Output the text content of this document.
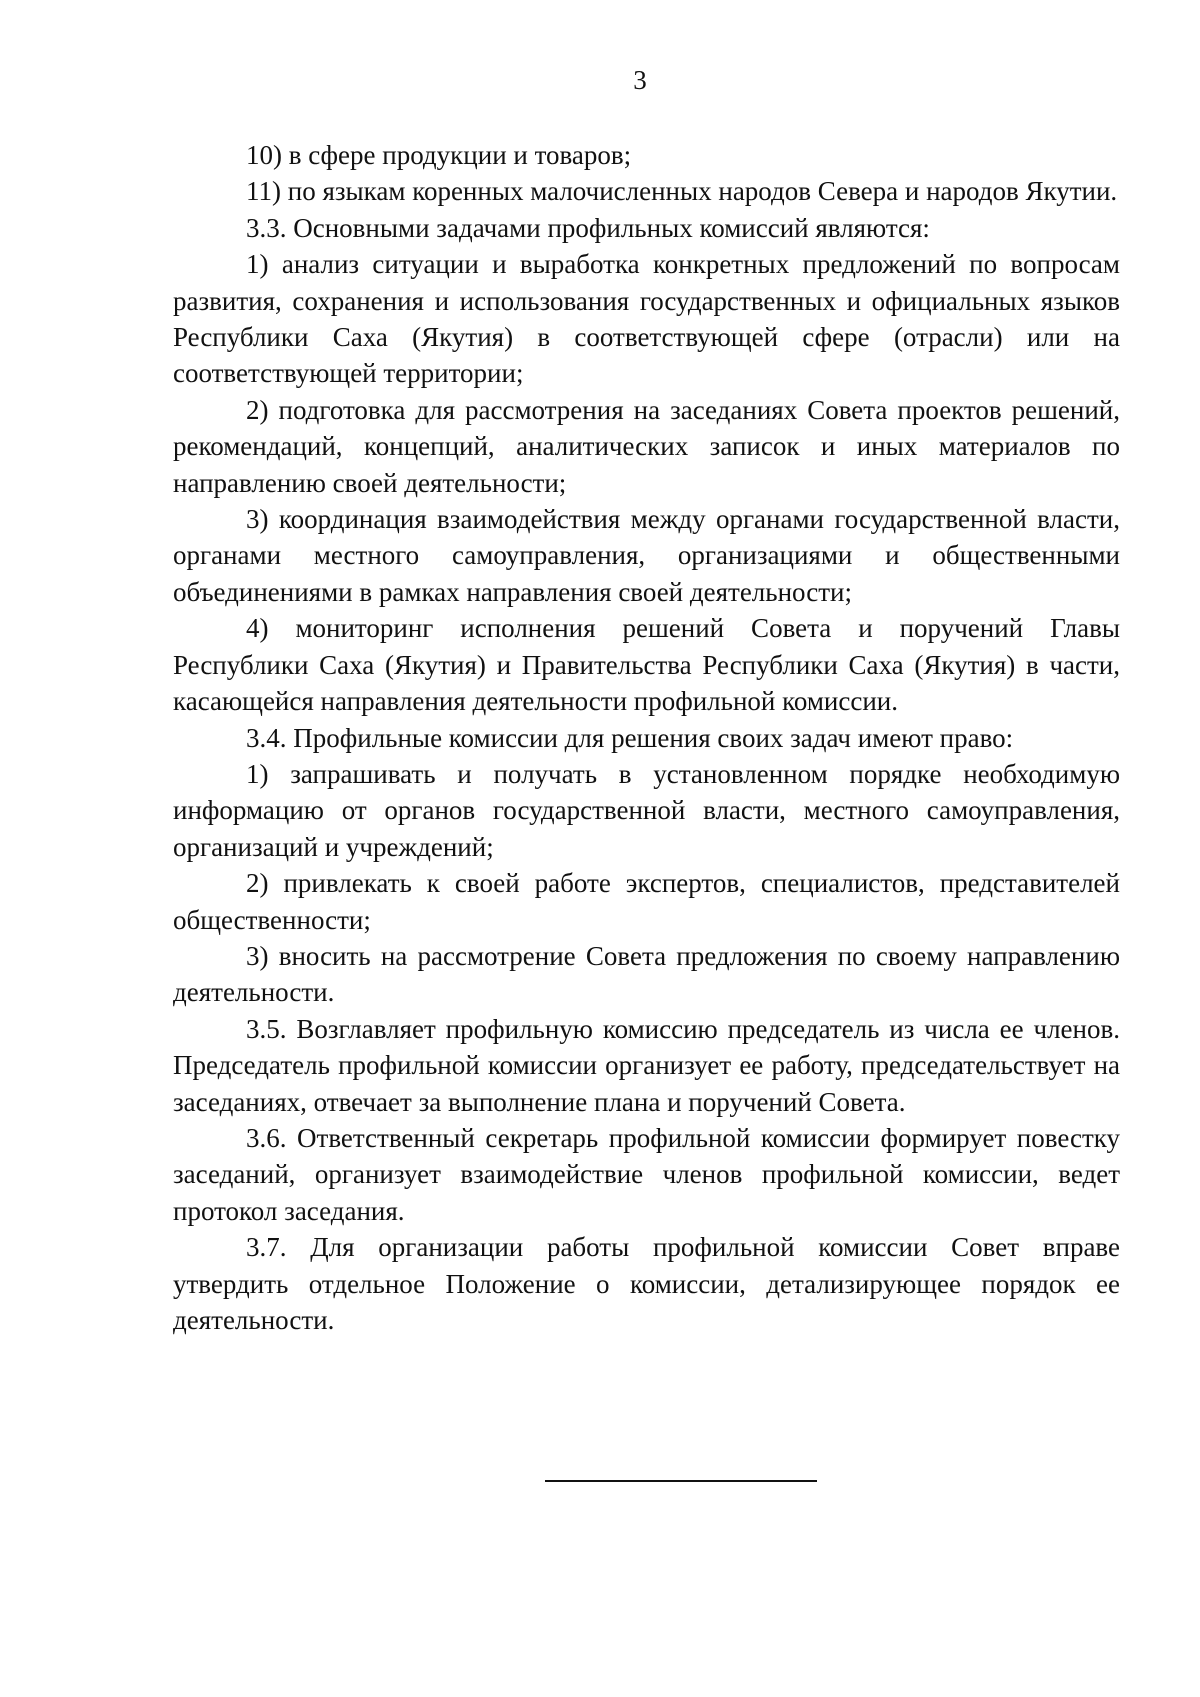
3

10) в сфере продукции и товаров;

11) по языкам коренных малочисленных народов Севера и народов Якутии.

3.3. Основными задачами профильных комиссий являются:

1) анализ ситуации и выработка конкретных предложений по вопросам развития, сохранения и использования государственных и официальных языков Республики Саха (Якутия) в соответствующей сфере (отрасли) или на соответствующей территории;

2) подготовка для рассмотрения на заседаниях Совета проектов решений, рекомендаций, концепций, аналитических записок и иных материалов по направлению своей деятельности;

3) координация взаимодействия между органами государственной власти, органами местного самоуправления, организациями и общественными объединениями в рамках направления своей деятельности;

4) мониторинг исполнения решений Совета и поручений Главы Республики Саха (Якутия) и Правительства Республики Саха (Якутия) в части, касающейся направления деятельности профильной комиссии.

3.4. Профильные комиссии для решения своих задач имеют право:

1) запрашивать и получать в установленном порядке необходимую информацию от органов государственной власти, местного самоуправления, организаций и учреждений;

2) привлекать к своей работе экспертов, специалистов, представителей общественности;

3) вносить на рассмотрение Совета предложения по своему направлению деятельности.

3.5. Возглавляет профильную комиссию председатель из числа ее членов. Председатель профильной комиссии организует ее работу, председательствует на заседаниях, отвечает за выполнение плана и поручений Совета.

3.6. Ответственный секретарь профильной комиссии формирует повестку заседаний, организует взаимодействие членов профильной комиссии, ведет протокол заседания.

3.7. Для организации работы профильной комиссии Совет вправе утвердить отдельное Положение о комиссии, детализирующее порядок ее деятельности.
